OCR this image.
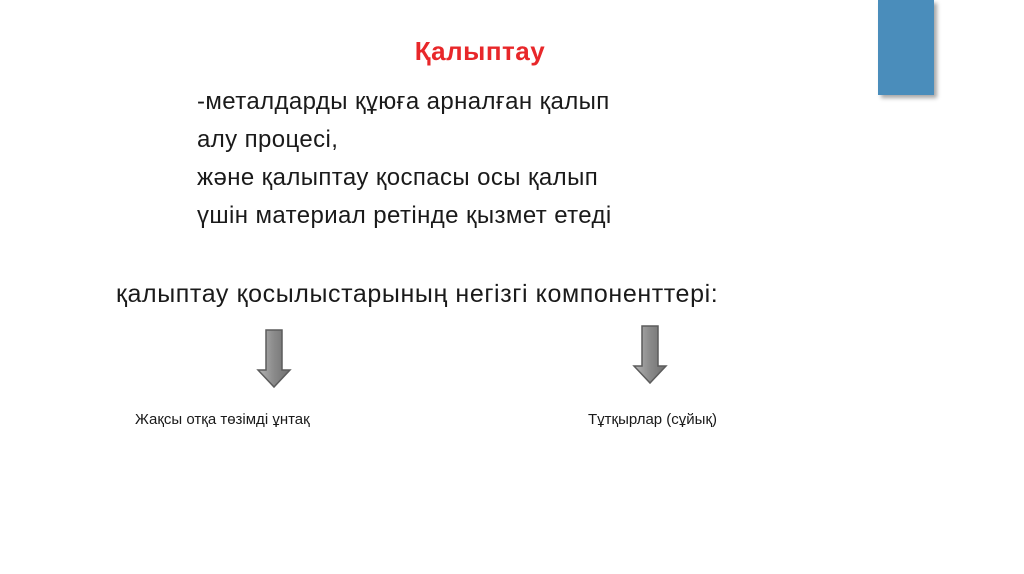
Қалыптау
-металдарды құюға арналған қалып
алу процесі,
және қалыптау қоспасы осы қалып
үшін материал ретінде қызмет етеді
қалыптау қосылыстарының негізгі компоненттері:
Жақсы отқа төзімді ұнтақ	Тұтқырлар (сұйық)
